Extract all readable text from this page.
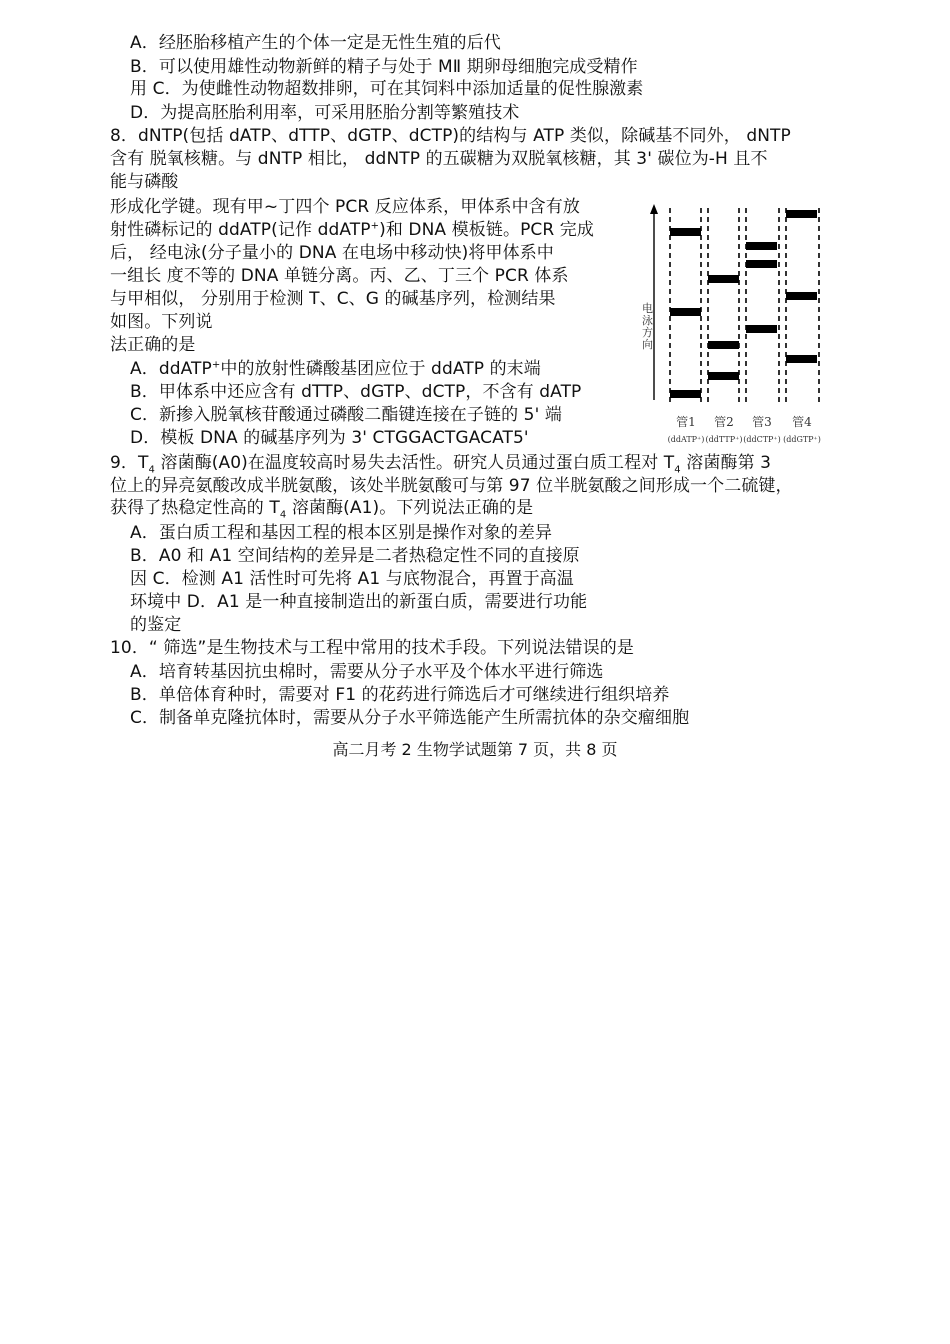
A．经胚胎移植产生的个体一定是无性生殖的后代
B．可以使用雄性动物新鲜的精子与处于 MⅡ 期卵母细胞完成受精作
用 C．为使雌性动物超数排卵，可在其饲料中添加适量的促性腺激素
D．为提高胚胎利用率，可采用胚胎分割等繁殖技术
8．dNTP(包括 dATP、dTTP、dGTP、dCTP)的结构与 ATP 类似，除碱基不同外， dNTP
含有 脱氧核糖。与 dNTP 相比， ddNTP 的五碳糖为双脱氧核糖，其 3' 碳位为-H 且不
能与磷酸
形成化学键。现有甲~丁四个 PCR 反应体系，甲体系中含有放
射性磷标记的 ddATP(记作 ddATP+)和 DNA 模板链。PCR 完成
后， 经电泳(分子量小的 DNA 在电场中移动快)将甲体系中
一组长 度不等的 DNA 单链分离。丙、乙、丁三个 PCR 体系
与甲相似， 分别用于检测 T、C、G 的碱基序列，检测结果
如图。下列说
法正确的是
A．ddATP+中的放射性磷酸基团应位于 ddATP 的末端
B．甲体系中还应含有 dTTP、dGTP、dCTP，不含有 dATP
C．新掺入脱氧核苷酸通过磷酸二酯键连接在子链的 5' 端
D．模板 DNA 的碱基序列为 3' CTGGACTGACAT5'
电
泳
方
向
管1 管2 管3 管4
(ddATP⁺) (ddTTP⁺) (ddCTP⁺) (ddGTP⁺)
9．$T_4$ 溶菌酶(A0)在温度较高时易失去活性。研究人员通过蛋白质工程对 $T_4$ 溶菌酶第 3
位上的异亮氨酸改成半胱氨酸，该处半胱氨酸可与第 97 位半胱氨酸之间形成一个二硫键，
获得了热稳定性高的 $T_4$ 溶菌酶(A1)。下列说法正确的是
A．蛋白质工程和基因工程的根本区别是操作对象的差异
B．A0 和 A1 空间结构的差异是二者热稳定性不同的直接原
因 C．检测 A1 活性时可先将 A1 与底物混合，再置于高温
环境中 D．A1 是一种直接制造出的新蛋白质，需要进行功能
的鉴定
10．“ 筛选”是生物技术与工程中常用的技术手段。下列说法错误的是
A．培育转基因抗虫棉时，需要从分子水平及个体水平进行筛选
B．单倍体育种时，需要对 F1 的花药进行筛选后才可继续进行组织培养
C．制备单克隆抗体时，需要从分子水平筛选能产生所需抗体的杂交瘤细胞
高二月考 2 生物学试题第 7 页，共 8 页
